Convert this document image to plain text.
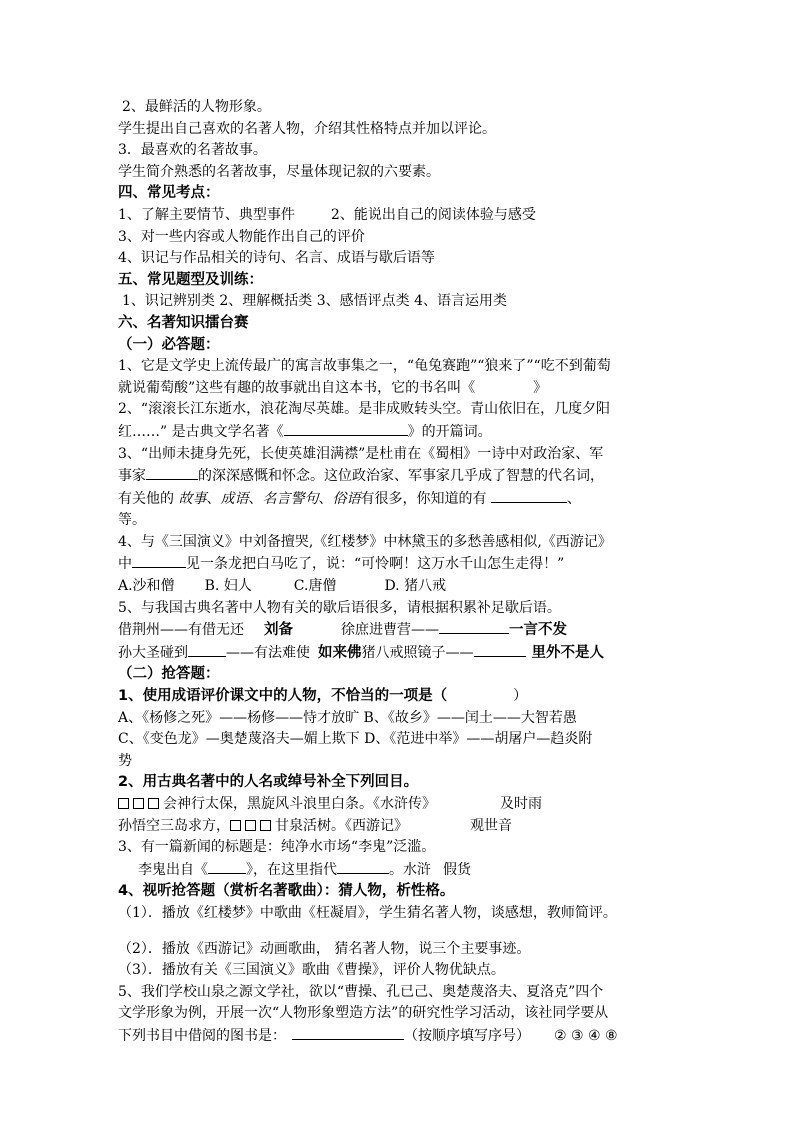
2、最鲜活的人物形象。
学生提出自己喜欢的名著人物，介绍其性格特点并加以评论。
3．最喜欢的名著故事。
学生简介熟悉的名著故事，尽量体现记叙的六要素。
四、常见考点：
1、了解主要情节、典型事件	2、能说出自己的阅读体验与感受
3、对一些内容或人物能作出自己的评价
4、识记与作品相关的诗句、名言、成语与歇后语等
五、常见题型及训练：
1、识记辨别类 2、理解概括类 3、感悟评点类 4、语言运用类
六、名著知识擂台赛
（一）必答题：
1、它是文学史上流传最广的寓言故事集之一，“龟兔赛跑”“狼来了”“吃不到葡萄
就说葡萄酸”这些有趣的故事就出自这本书，它的书名叫《	》
2、“滚滚长江东逝水，浪花淘尽英雄。是非成败转头空。青山依旧在，几度夕阳
红……” 是古典文学名著《	》的开篇词。
3、“出师未捷身先死，长使英雄泪满襟”是杜甫在《蜀相》一诗中对政治家、军
事家	的深深感慨和怀念。这位政治家、军事家几乎成了智慧的代名词，
有关他的 故事、成语、名言警句、俗语有很多，你知道的有	、
等。
4、与《三国演义》中刘备擅哭,《红楼梦》中林黛玉的多愁善感相似,《西游记》
中	见一条龙把白马吃了，说：“可怜啊！这万水千山怎生走得！”
A.沙和僧 B. 妇人	C.唐僧	D. 猪八戒
5、与我国古典名著中人物有关的歇后语很多，请根据积累补足歇后语。
借荆州——有借无还 刘备	徐庶进曹营——	一言不发
孙大圣碰到	——有法难使 如来佛猪八戒照镜子——	里外不是人
（二）抢答题：
1、使用成语评价课文中的人物，不恰当的一项是（	）
A、《杨修之死》——杨修——恃才放旷 B、《故乡》——闰土——大智若愚
C、《变色龙》—奥楚蔑洛夫—媚上欺下 D、《范进中举》——胡屠户—趋炎附
势
2、用古典名著中的人名或绰号补全下列回目。
会神行太保，黑旋风斗浪里白条。《水浒传》	及时雨
孙悟空三岛求方，	甘泉活树。《西游记》	观世音
3、有一篇新闻的标题是：纯净水市场“李鬼”泛滥。
李鬼出自《	》，在这里指代	。水浒 假货
4、视听抢答题（赏析名著歌曲）：猜人物，析性格。
（1）．播放《红楼梦》中歌曲《枉凝眉》，学生猜名著人物，谈感想，教师简评。
（2）．播放《西游记》动画歌曲， 猜名著人物，说三个主要事迹。
（3）．播放有关《三国演义》歌曲《曹操》，评价人物优缺点。
5、我们学校山泉之源文学社，欲以“曹操、孔已己、奥楚蔑洛夫、夏洛克”四个
文学形象为例，开展一次“人物形象塑造方法”的研究性学习活动，该社同学要从
下列书目中借阅的图书是：	（按顺序填写序号） ② ③ ④ ⑧
